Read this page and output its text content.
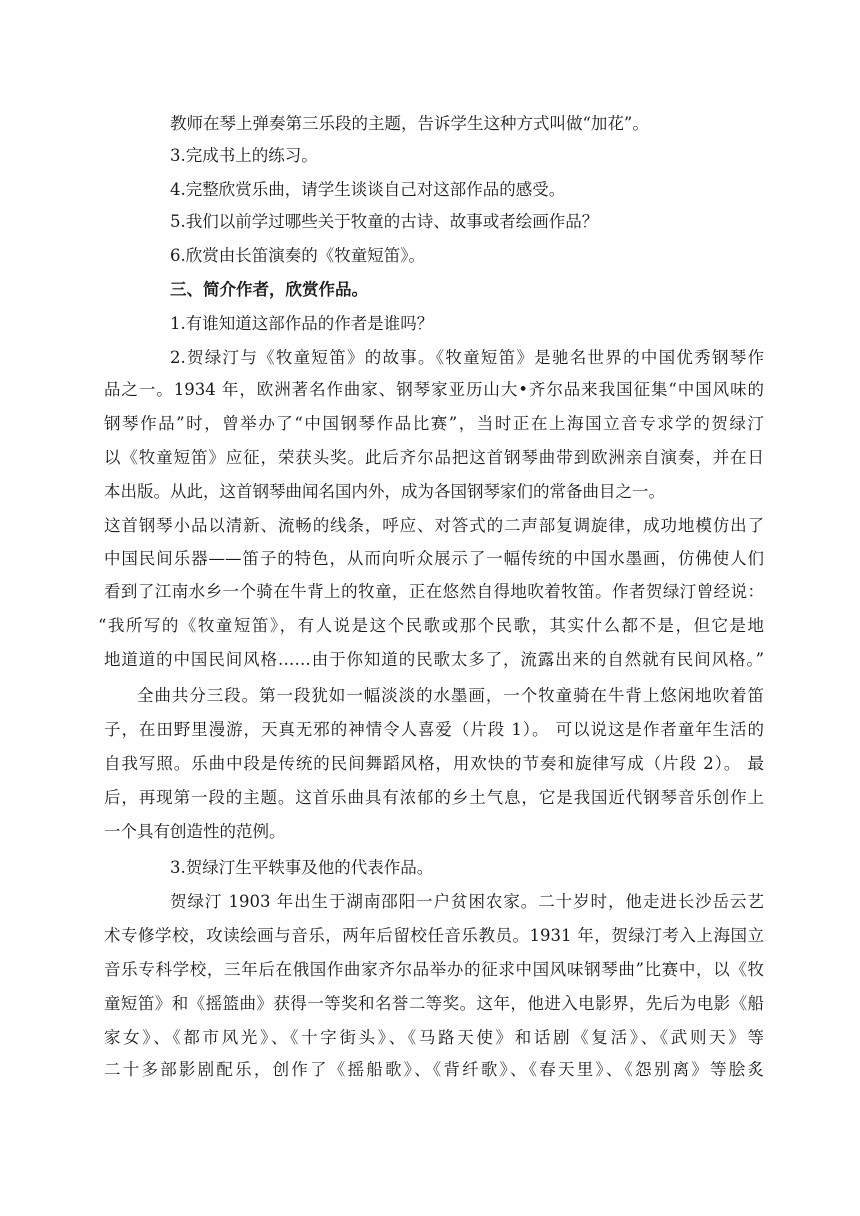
教师在琴上弹奏第三乐段的主题，告诉学生这种方式叫做“加花”。
3.完成书上的练习。
4.完整欣赏乐曲，请学生谈谈自己对这部作品的感受。
5.我们以前学过哪些关于牧童的古诗、故事或者绘画作品？
6.欣赏由长笛演奏的《牧童短笛》。
三、简介作者，欣赏作品。
1.有谁知道这部作品的作者是谁吗？
2.贺绿汀与《牧童短笛》的故事。《牧童短笛》是驰名世界的中国优秀钢琴作
品之一。1934 年，欧洲著名作曲家、钢琴家亚历山大•齐尔品来我国征集“中国风味的
钢琴作品”时，曾举办了“中国钢琴作品比赛”，当时正在上海国立音专求学的贺绿汀
以《牧童短笛》应征，荣获头奖。此后齐尔品把这首钢琴曲带到欧洲亲自演奏，并在日
本出版。从此，这首钢琴曲闻名国内外，成为各国钢琴家们的常备曲目之一。
这首钢琴小品以清新、流畅的线条，呼应、对答式的二声部复调旋律，成功地模仿出了
中国民间乐器——笛子的特色，从而向听众展示了一幅传统的中国水墨画，仿佛使人们
看到了江南水乡一个骑在牛背上的牧童，正在悠然自得地吹着牧笛。作者贺绿汀曾经说：
“我所写的《牧童短笛》，有人说是这个民歌或那个民歌，其实什么都不是，但它是地
地道道的中国民间风格……由于你知道的民歌太多了，流露出来的自然就有民间风格。”
全曲共分三段。第一段犹如一幅淡淡的水墨画，一个牧童骑在牛背上悠闲地吹着笛
子，在田野里漫游，天真无邪的神情令人喜爱（片段 1）。 可以说这是作者童年生活的
自我写照。乐曲中段是传统的民间舞蹈风格，用欢快的节奏和旋律写成（片段 2）。 最
后，再现第一段的主题。这首乐曲具有浓郁的乡土气息，它是我国近代钢琴音乐创作上
一个具有创造性的范例。
3.贺绿汀生平轶事及他的代表作品。
贺绿汀 1903 年出生于湖南邵阳一户贫困农家。二十岁时，他走进长沙岳云艺
术专修学校，攻读绘画与音乐，两年后留校任音乐教员。1931 年，贺绿汀考入上海国立
音乐专科学校，三年后在俄国作曲家齐尔品举办的征求中国风味钢琴曲”比赛中，以《牧
童短笛》和《摇篮曲》获得一等奖和名誉二等奖。这年，他进入电影界，先后为电影《船
家女》、《都市风光》、《十字街头》、《马路天使》和话剧《复活》、《武则天》等
二十多部影剧配乐，创作了《摇船歌》、《背纤歌》、《春天里》、《怨别离》等脍炙
